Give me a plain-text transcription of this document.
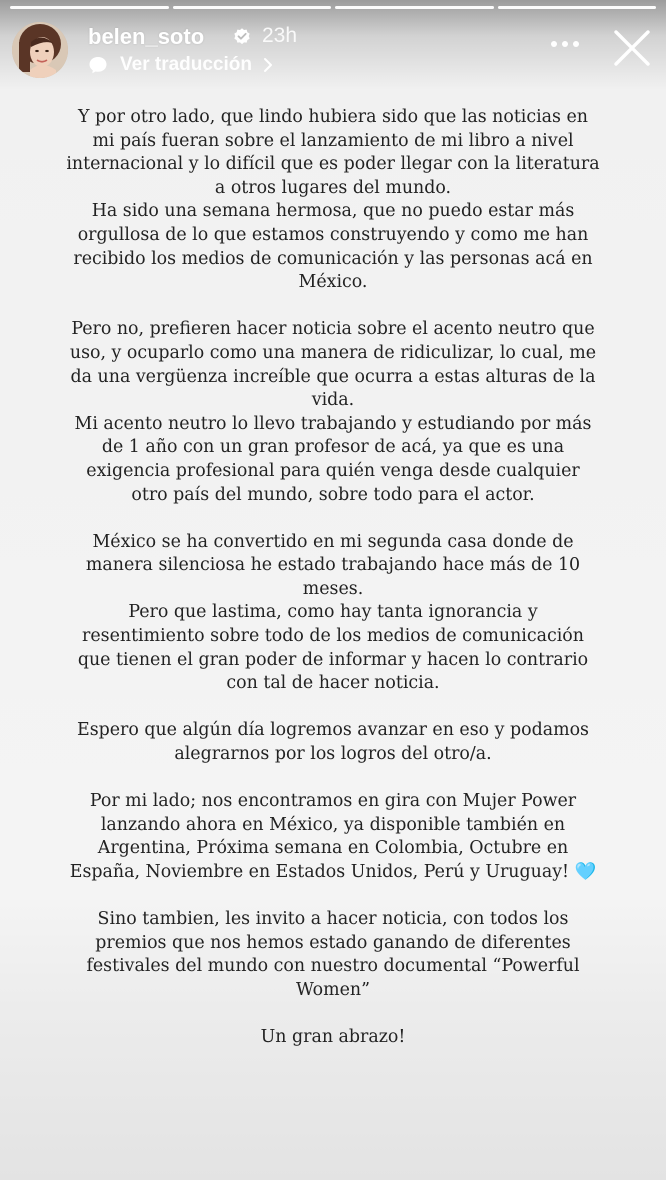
belen_soto	23h
Ver traducción

Y por otro lado, que lindo hubiera sido que las noticias en mi país fueran sobre el lanzamiento de mi libro a nivel internacional y lo difícil que es poder llegar con la literatura a otros lugares del mundo.

Ha sido una semana hermosa, que no puedo estar más orgullosa de lo que estamos construyendo y como me han recibido los medios de comunicación y las personas acá en México.

Pero no, prefieren hacer noticia sobre el acento neutro que uso, y ocuparlo como una manera de ridiculizar, lo cual, me da una vergüenza increíble que ocurra a estas alturas de la vida.

Mi acento neutro lo llevo trabajando y estudiando por más de 1 año con un gran profesor de acá, ya que es una exigencia profesional para quién venga desde cualquier otro país del mundo, sobre todo para el actor.

México se ha convertido en mi segunda casa donde de manera silenciosa he estado trabajando hace más de 10 meses.

Pero que lastima, como hay tanta ignorancia y resentimiento sobre todo de los medios de comunicación que tienen el gran poder de informar y hacen lo contrario con tal de hacer noticia.

Espero que algún día logremos avanzar en eso y podamos alegrarnos por los logros del otro/a.

Por mi lado; nos encontramos en gira con Mujer Power lanzando ahora en México, ya disponible también en Argentina, Próxima semana en Colombia, Octubre en España, Noviembre en Estados Unidos, Perú y Uruguay! 🩵

Sino tambien, les invito a hacer noticia, con todos los premios que nos hemos estado ganando de diferentes festivales del mundo con nuestro documental “Powerful Women”

Un gran abrazo!
